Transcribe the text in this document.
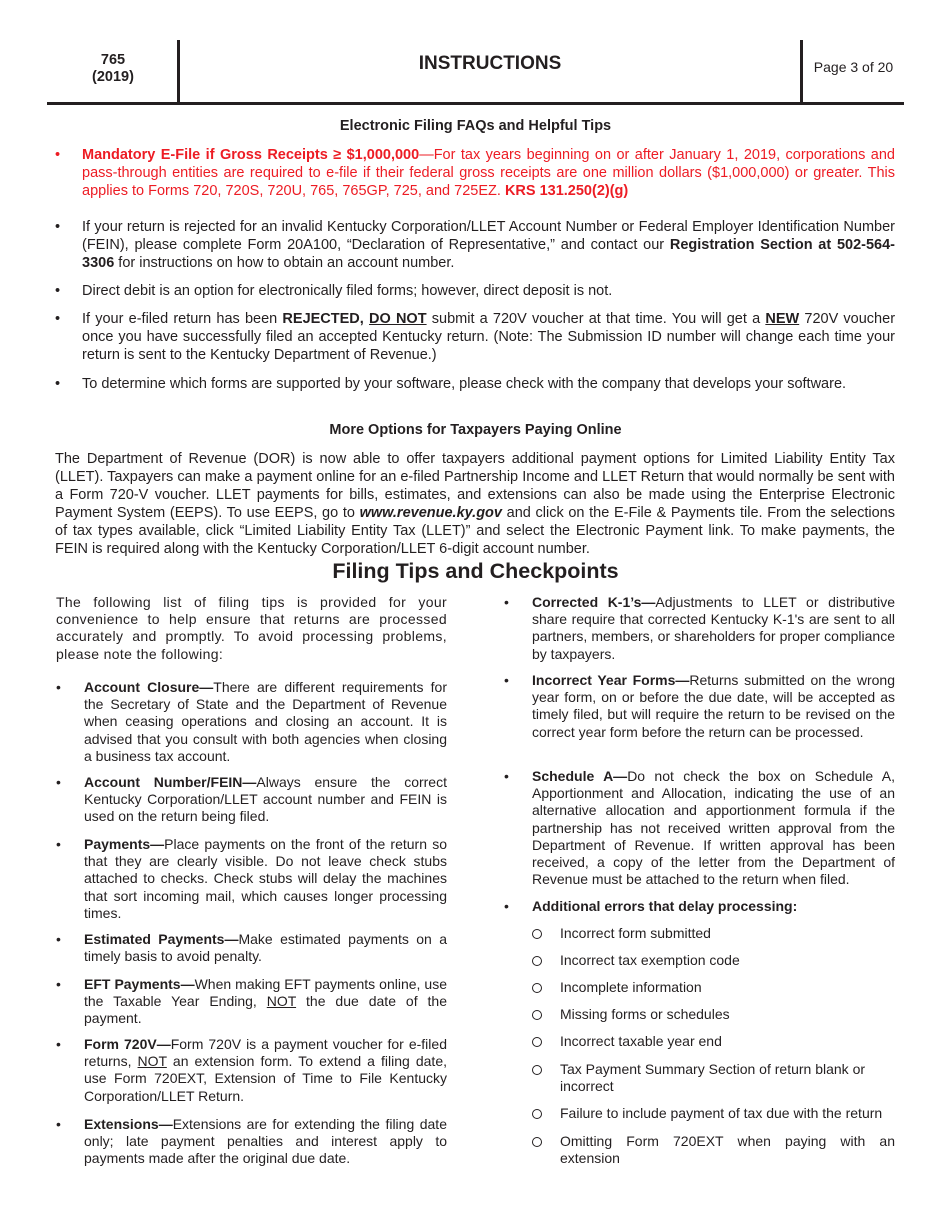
765
(2019)
INSTRUCTIONS	Page 3 of 20
Electronic Filing FAQs and Helpful Tips
• Mandatory E-File if Gross Receipts ≥ $1,000,000—For tax years beginning on or after January 1, 2019, corporations and pass-through entities are required to e-file if their federal gross receipts are one million dollars ($1,000,000) or greater. This applies to Forms 720, 720S, 720U, 765, 765GP, 725, and 725EZ. KRS 131.250(2)(g)
• If your return is rejected for an invalid Kentucky Corporation/LLET Account Number or Federal Employer Identification Number (FEIN), please complete Form 20A100, “Declaration of Representative,” and contact our Registration Section at 502-564-3306 for instructions on how to obtain an account number.
• Direct debit is an option for electronically filed forms; however, direct deposit is not.
• If your e-filed return has been REJECTED, DO NOT submit a 720V voucher at that time. You will get a NEW 720V voucher once you have successfully filed an accepted Kentucky return. (Note: The Submission ID number will change each time your return is sent to the Kentucky Department of Revenue.)
• To determine which forms are supported by your software, please check with the company that develops your software.
More Options for Taxpayers Paying Online
The Department of Revenue (DOR) is now able to offer taxpayers additional payment options for Limited Liability Entity Tax (LLET). Taxpayers can make a payment online for an e-filed Partnership Income and LLET Return that would normally be sent with a Form 720-V voucher. LLET payments for bills, estimates, and extensions can also be made using the Enterprise Electronic Payment System (EEPS). To use EEPS, go to www.revenue.ky.gov and click on the E-File & Payments tile. From the selections of tax types available, click “Limited Liability Entity Tax (LLET)” and select the Electronic Payment link. To make payments, the FEIN is required along with the Kentucky Corporation/LLET 6-digit account number.
Filing Tips and Checkpoints
The following list of filing tips is provided for your convenience to help ensure that returns are processed accurately and promptly. To avoid processing problems, please note the following:
• Account Closure—There are different requirements for the Secretary of State and the Department of Revenue when ceasing operations and closing an account. It is advised that you consult with both agencies when closing a business tax account.
• Account Number/FEIN—Always ensure the correct Kentucky Corporation/LLET account number and FEIN is used on the return being filed.
• Payments—Place payments on the front of the return so that they are clearly visible. Do not leave check stubs attached to checks. Check stubs will delay the machines that sort incoming mail, which causes longer processing times.
• Estimated Payments—Make estimated payments on a timely basis to avoid penalty.
• EFT Payments—When making EFT payments online, use the Taxable Year Ending, NOT the due date of the payment.
• Form 720V—Form 720V is a payment voucher for e-filed returns, NOT an extension form. To extend a filing date, use Form 720EXT, Extension of Time to File Kentucky Corporation/LLET Return.
• Extensions—Extensions are for extending the filing date only; late payment penalties and interest apply to payments made after the original due date.
• Corrected K-1’s—Adjustments to LLET or distributive share require that corrected Kentucky K-1's are sent to all partners, members, or shareholders for proper compliance by taxpayers.
• Incorrect Year Forms—Returns submitted on the wrong year form, on or before the due date, will be accepted as timely filed, but will require the return to be revised on the correct year form before the return can be processed.
• Schedule A—Do not check the box on Schedule A, Apportionment and Allocation, indicating the use of an alternative allocation and apportionment formula if the partnership has not received written approval from the Department of Revenue. If written approval has been received, a copy of the letter from the Department of Revenue must be attached to the return when filed.
• Additional errors that delay processing:
Incorrect form submitted
Incorrect tax exemption code
Incomplete information
Missing forms or schedules
Incorrect taxable year end
Tax Payment Summary Section of return blank or incorrect
Failure to include payment of tax due with the return
Omitting Form 720EXT when paying with an extension
